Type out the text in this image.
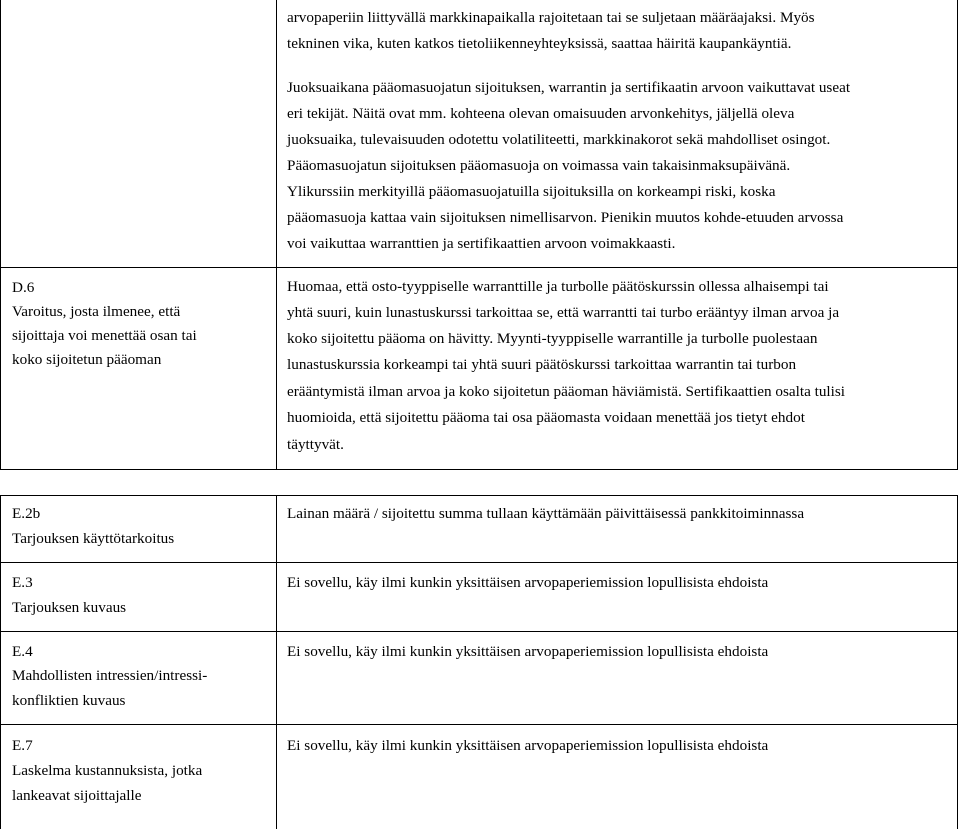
arvopaperiin liittyvällä markkinapaikalla rajoitetaan tai se suljetaan määräajaksi. Myös
tekninen vika, kuten katkos tietoliikenneyhteyksissä, saattaa häiritä kaupankäyntiä.
Juoksuaikana pääomasuojatun sijoituksen, warrantin ja sertifikaatin arvoon vaikuttavat useat
eri tekijät. Näitä ovat mm. kohteena olevan omaisuuden arvonkehitys, jäljellä oleva
juoksuaika, tulevaisuuden odotettu volatiliteetti, markkinakorot sekä mahdolliset osingot.
Pääomasuojatun sijoituksen pääomasuoja on voimassa vain takaisinmaksupäivänä.
Ylikurssiin merkityillä pääomasuojatuilla sijoituksilla on korkeampi riski, koska
pääomasuoja kattaa vain sijoituksen nimellisarvon. Pienikin muutos kohde-etuuden arvossa
voi vaikuttaa warranttien ja sertifikaattien arvoon voimakkaasti.
D.6
Varoitus, josta ilmenee, että
sijoittaja voi menettää osan tai
koko sijoitetun pääoman
Huomaa, että osto-tyyppiselle warranttille ja turbolle päätöskurssin ollessa alhaisempi tai
yhtä suuri, kuin lunastuskurssi tarkoittaa se, että warrantti tai turbo erääntyy ilman arvoa ja
koko sijoitettu pääoma on hävitty. Myynti-tyyppiselle warrantille ja turbolle puolestaan
lunastuskurssia korkeampi tai yhtä suuri päätöskurssi tarkoittaa warrantin tai turbon
erääntymistä ilman arvoa ja koko sijoitetun pääoman häviämistä. Sertifikaattien osalta tulisi
huomioida, että sijoitettu pääoma tai osa pääomasta voidaan menettää jos tietyt ehdot
täyttyvät.
E.2b
Tarjouksen käyttötarkoitus
Lainan määrä / sijoitettu summa tullaan käyttämään päivittäisessä pankkitoiminnassa
E.3
Tarjouksen kuvaus
Ei sovellu, käy ilmi kunkin yksittäisen arvopaperiemission lopullisista ehdoista
E.4
Mahdollisten intressien/intressi-
konfliktien kuvaus
Ei sovellu, käy ilmi kunkin yksittäisen arvopaperiemission lopullisista ehdoista
E.7
Laskelma kustannuksista, jotka
lankeavat sijoittajalle
Ei sovellu, käy ilmi kunkin yksittäisen arvopaperiemission lopullisista ehdoista
